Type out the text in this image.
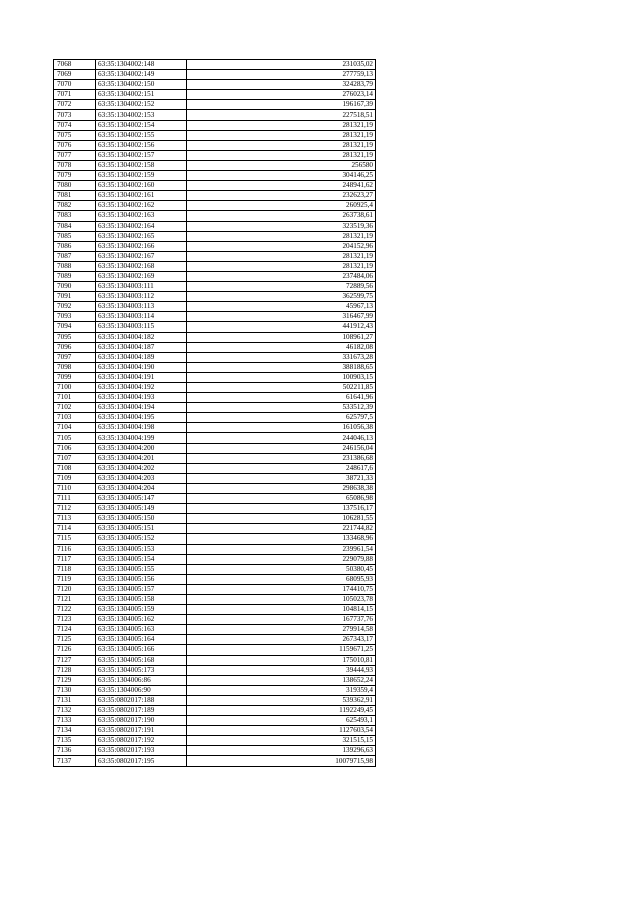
7068	63:35:1304002:148	231035,02
7069	63:35:1304002:149	277759,13
7070	63:35:1304002:150	324283,79
7071	63:35:1304002:151	276023,14
7072	63:35:1304002:152	196167,39
7073	63:35:1304002:153	227518,51
7074	63:35:1304002:154	281321,19
7075	63:35:1304002:155	281321,19
7076	63:35:1304002:156	281321,19
7077	63:35:1304002:157	281321,19
7078	63:35:1304002:158	256580
7079	63:35:1304002:159	304146,25
7080	63:35:1304002:160	248941,62
7081	63:35:1304002:161	232623,27
7082	63:35:1304002:162	260925,4
7083	63:35:1304002:163	263738,61
7084	63:35:1304002:164	323519,36
7085	63:35:1304002:165	281321,19
7086	63:35:1304002:166	204152,96
7087	63:35:1304002:167	281321,19
7088	63:35:1304002:168	281321,19
7089	63:35:1304002:169	237484,06
7090	63:35:1304003:111	72889,56
7091	63:35:1304003:112	362599,75
7092	63:35:1304003:113	45967,13
7093	63:35:1304003:114	316467,99
7094	63:35:1304003:115	441912,43
7095	63:35:1304004:182	108961,27
7096	63:35:1304004:187	46182,08
7097	63:35:1304004:189	331673,28
7098	63:35:1304004:190	388188,65
7099	63:35:1304004:191	100903,15
7100	63:35:1304004:192	502211,85
7101	63:35:1304004:193	61641,96
7102	63:35:1304004:194	533512,39
7103	63:35:1304004:195	625797,5
7104	63:35:1304004:198	161056,38
7105	63:35:1304004:199	244046,13
7106	63:35:1304004:200	246156,04
7107	63:35:1304004:201	231386,68
7108	63:35:1304004:202	248617,6
7109	63:35:1304004:203	38721,33
7110	63:35:1304004:204	298638,38
7111	63:35:1304005:147	65086,98
7112	63:35:1304005:149	137516,17
7113	63:35:1304005:150	106281,55
7114	63:35:1304005:151	221744,82
7115	63:35:1304005:152	133468,96
7116	63:35:1304005:153	239961,54
7117	63:35:1304005:154	229079,88
7118	63:35:1304005:155	50380,45
7119	63:35:1304005:156	68095,93
7120	63:35:1304005:157	174410,75
7121	63:35:1304005:158	105023,78
7122	63:35:1304005:159	104814,15
7123	63:35:1304005:162	167737,76
7124	63:35:1304005:163	279914,58
7125	63:35:1304005:164	267343,17
7126	63:35:1304005:166	1159671,25
7127	63:35:1304005:168	175010,81
7128	63:35:1304005:173	39444,93
7129	63:35:1304006:86	138652,24
7130	63:35:1304006:90	319359,4
7131	63:35:0802017:188	539362,91
7132	63:35:0802017:189	1192249,45
7133	63:35:0802017:190	625493,1
7134	63:35:0802017:191	1127603,54
7135	63:35:0802017:192	321515,15
7136	63:35:0802017:193	139296,63
7137	63:35:0802017:195	10079715,98
